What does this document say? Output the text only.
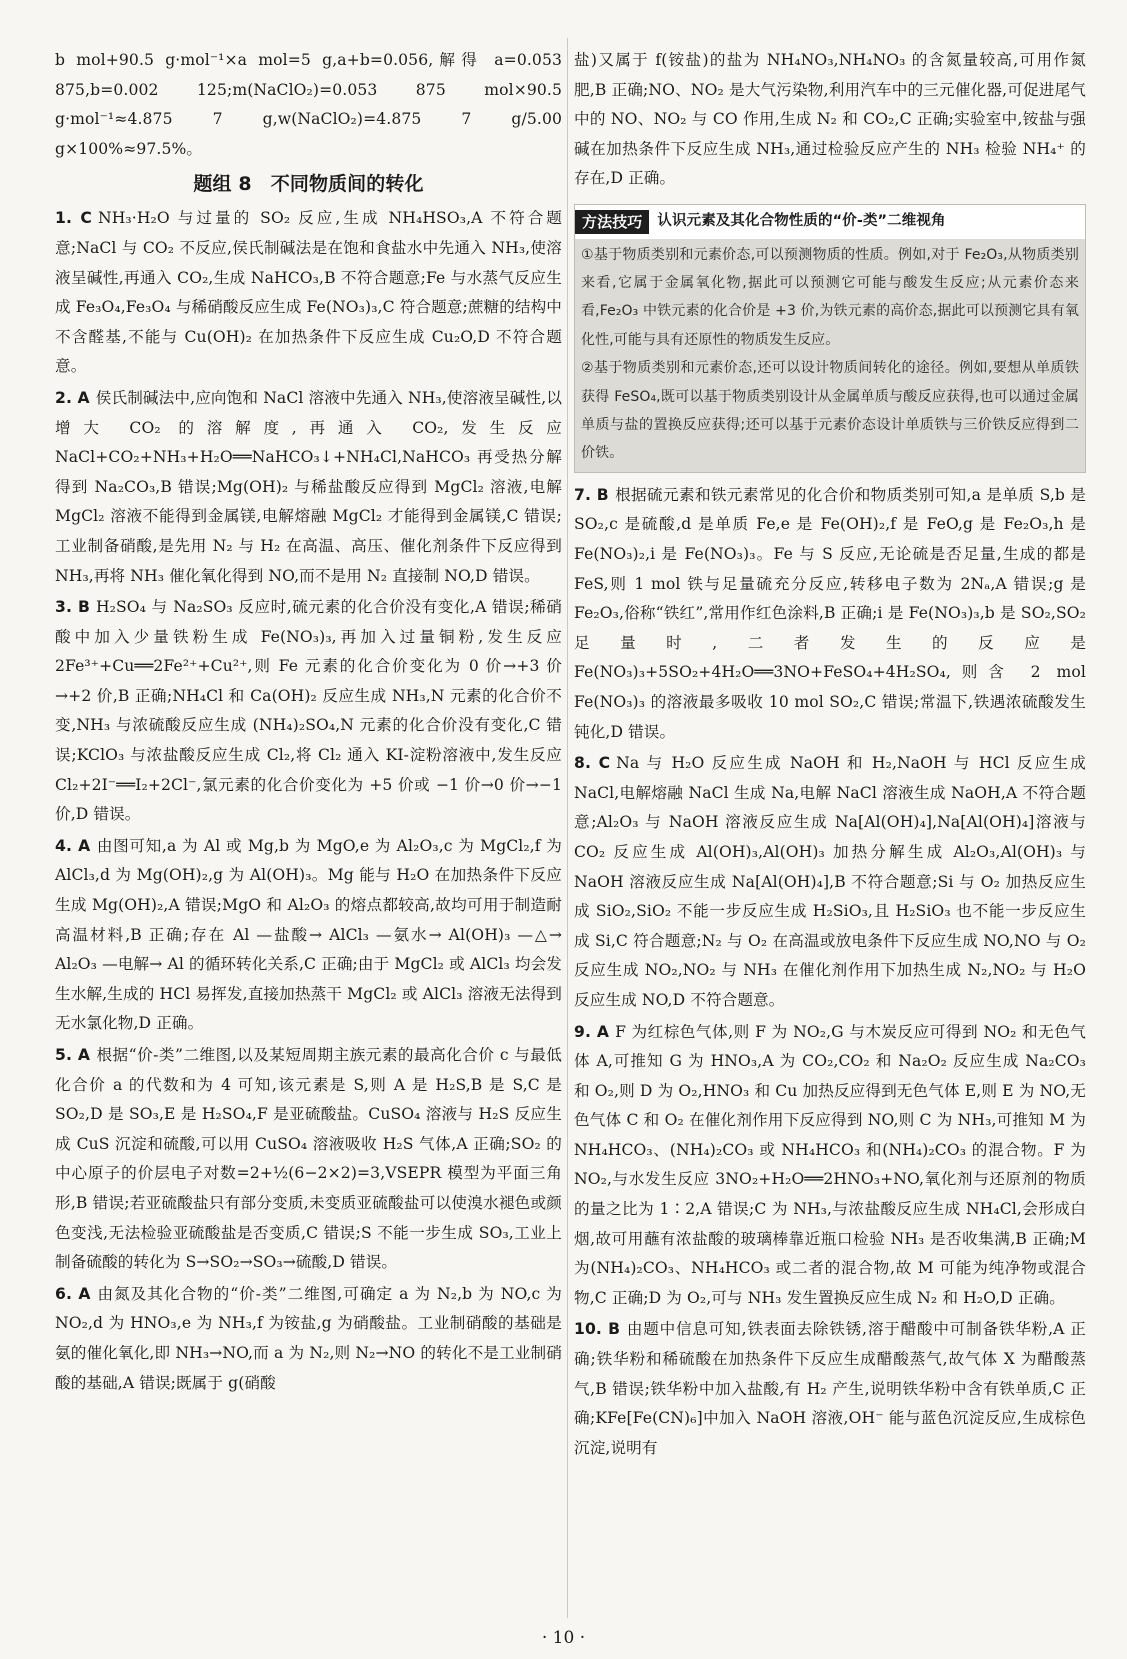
b mol+90.5 g·mol⁻¹×a mol=5 g,a+b=0.056,解得 a=0.053 875,b=0.002 125;m(NaClO₂)=0.053 875 mol×90.5 g·mol⁻¹≈4.875 7 g,w(NaClO₂)=4.875 7 g/5.00 g×100%≈97.5%。

题组 8　不同物质间的转化

1. C NH₃·H₂O 与过量的 SO₂ 反应,生成 NH₄HSO₃,A 不符合题意;NaCl 与 CO₂ 不反应,侯氏制碱法是在饱和食盐水中先通入 NH₃,使溶液呈碱性,再通入 CO₂,生成 NaHCO₃,B 不符合题意;Fe 与水蒸气反应生成 Fe₃O₄,Fe₃O₄ 与稀硝酸反应生成 Fe(NO₃)₃,C 符合题意;蔗糖的结构中不含醛基,不能与 Cu(OH)₂ 在加热条件下反应生成 Cu₂O,D 不符合题意。

2. A 侯氏制碱法中,应向饱和 NaCl 溶液中先通入 NH₃,使溶液呈碱性,以增大 CO₂ 的溶解度,再通入 CO₂,发生反应 NaCl+CO₂+NH₃+H₂O══NaHCO₃↓+NH₄Cl,NaHCO₃ 再受热分解得到 Na₂CO₃,B 错误;Mg(OH)₂ 与稀盐酸反应得到 MgCl₂ 溶液,电解 MgCl₂ 溶液不能得到金属镁,电解熔融 MgCl₂ 才能得到金属镁,C 错误;工业制备硝酸,是先用 N₂ 与 H₂ 在高温、高压、催化剂条件下反应得到 NH₃,再将 NH₃ 催化氧化得到 NO,而不是用 N₂ 直接制 NO,D 错误。

3. B H₂SO₄ 与 Na₂SO₃ 反应时,硫元素的化合价没有变化,A 错误;稀硝酸中加入少量铁粉生成 Fe(NO₃)₃,再加入过量铜粉,发生反应 2Fe³⁺+Cu══2Fe²⁺+Cu²⁺,则 Fe 元素的化合价变化为 0 价→+3 价→+2 价,B 正确;NH₄Cl 和 Ca(OH)₂ 反应生成 NH₃,N 元素的化合价不变,NH₃ 与浓硫酸反应生成 (NH₄)₂SO₄,N 元素的化合价没有变化,C 错误;KClO₃ 与浓盐酸反应生成 Cl₂,将 Cl₂ 通入 KI-淀粉溶液中,发生反应 Cl₂+2I⁻══I₂+2Cl⁻,氯元素的化合价变化为 +5 价或 −1 价→0 价→−1 价,D 错误。

4. A 由图可知,a 为 Al 或 Mg,b 为 MgO,e 为 Al₂O₃,c 为 MgCl₂,f 为 AlCl₃,d 为 Mg(OH)₂,g 为 Al(OH)₃。Mg 能与 H₂O 在加热条件下反应生成 Mg(OH)₂,A 错误;MgO 和 Al₂O₃ 的熔点都较高,故均可用于制造耐高温材料,B 正确;存在 Al —盐酸→ AlCl₃ —氨水→ Al(OH)₃ —△→ Al₂O₃ —电解→ Al 的循环转化关系,C 正确;由于 MgCl₂ 或 AlCl₃ 均会发生水解,生成的 HCl 易挥发,直接加热蒸干 MgCl₂ 或 AlCl₃ 溶液无法得到无水氯化物,D 正确。

5. A 根据“价-类”二维图,以及某短周期主族元素的最高化合价 c 与最低化合价 a 的代数和为 4 可知,该元素是 S,则 A 是 H₂S,B 是 S,C 是 SO₂,D 是 SO₃,E 是 H₂SO₄,F 是亚硫酸盐。CuSO₄ 溶液与 H₂S 反应生成 CuS 沉淀和硫酸,可以用 CuSO₄ 溶液吸收 H₂S 气体,A 正确;SO₂ 的中心原子的价层电子对数=2+½(6−2×2)=3,VSEPR 模型为平面三角形,B 错误;若亚硫酸盐只有部分变质,未变质亚硫酸盐可以使溴水褪色或颜色变浅,无法检验亚硫酸盐是否变质,C 错误;S 不能一步生成 SO₃,工业上制备硫酸的转化为 S→SO₂→SO₃→硫酸,D 错误。

6. A 由氮及其化合物的“价-类”二维图,可确定 a 为 N₂,b 为 NO,c 为 NO₂,d 为 HNO₃,e 为 NH₃,f 为铵盐,g 为硝酸盐。工业制硝酸的基础是氨的催化氧化,即 NH₃→NO,而 a 为 N₂,则 N₂→NO 的转化不是工业制硝酸的基础,A 错误;既属于 g(硝酸

盐)又属于 f(铵盐)的盐为 NH₄NO₃,NH₄NO₃ 的含氮量较高,可用作氮肥,B 正确;NO、NO₂ 是大气污染物,利用汽车中的三元催化器,可促进尾气中的 NO、NO₂ 与 CO 作用,生成 N₂ 和 CO₂,C 正确;实验室中,铵盐与强碱在加热条件下反应生成 NH₃,通过检验反应产生的 NH₃ 检验 NH₄⁺ 的存在,D 正确。

方法技巧	认识元素及其化合物性质的“价-类”二维视角

①基于物质类别和元素价态,可以预测物质的性质。例如,对于 Fe₂O₃,从物质类别来看,它属于金属氧化物,据此可以预测它可能与酸发生反应;从元素价态来看,Fe₂O₃ 中铁元素的化合价是 +3 价,为铁元素的高价态,据此可以预测它具有氧化性,可能与具有还原性的物质发生反应。

②基于物质类别和元素价态,还可以设计物质间转化的途径。例如,要想从单质铁获得 FeSO₄,既可以基于物质类别设计从金属单质与酸反应获得,也可以通过金属单质与盐的置换反应获得;还可以基于元素价态设计单质铁与三价铁反应得到二价铁。

7. B 根据硫元素和铁元素常见的化合价和物质类别可知,a 是单质 S,b 是 SO₂,c 是硫酸,d 是单质 Fe,e 是 Fe(OH)₂,f 是 FeO,g 是 Fe₂O₃,h 是 Fe(NO₃)₂,i 是 Fe(NO₃)₃。Fe 与 S 反应,无论硫是否足量,生成的都是 FeS,则 1 mol 铁与足量硫充分反应,转移电子数为 2Nₐ,A 错误;g 是 Fe₂O₃,俗称“铁红”,常用作红色涂料,B 正确;i 是 Fe(NO₃)₃,b 是 SO₂,SO₂ 足量时,二者发生的反应是 Fe(NO₃)₃+5SO₂+4H₂O══3NO+FeSO₄+4H₂SO₄,则含 2 mol Fe(NO₃)₃ 的溶液最多吸收 10 mol SO₂,C 错误;常温下,铁遇浓硫酸发生钝化,D 错误。

8. C Na 与 H₂O 反应生成 NaOH 和 H₂,NaOH 与 HCl 反应生成 NaCl,电解熔融 NaCl 生成 Na,电解 NaCl 溶液生成 NaOH,A 不符合题意;Al₂O₃ 与 NaOH 溶液反应生成 Na[Al(OH)₄],Na[Al(OH)₄]溶液与 CO₂ 反应生成 Al(OH)₃,Al(OH)₃ 加热分解生成 Al₂O₃,Al(OH)₃ 与 NaOH 溶液反应生成 Na[Al(OH)₄],B 不符合题意;Si 与 O₂ 加热反应生成 SiO₂,SiO₂ 不能一步反应生成 H₂SiO₃,且 H₂SiO₃ 也不能一步反应生成 Si,C 符合题意;N₂ 与 O₂ 在高温或放电条件下反应生成 NO,NO 与 O₂ 反应生成 NO₂,NO₂ 与 NH₃ 在催化剂作用下加热生成 N₂,NO₂ 与 H₂O 反应生成 NO,D 不符合题意。

9. A F 为红棕色气体,则 F 为 NO₂,G 与木炭反应可得到 NO₂ 和无色气体 A,可推知 G 为 HNO₃,A 为 CO₂,CO₂ 和 Na₂O₂ 反应生成 Na₂CO₃ 和 O₂,则 D 为 O₂,HNO₃ 和 Cu 加热反应得到无色气体 E,则 E 为 NO,无色气体 C 和 O₂ 在催化剂作用下反应得到 NO,则 C 为 NH₃,可推知 M 为 NH₄HCO₃、(NH₄)₂CO₃ 或 NH₄HCO₃ 和(NH₄)₂CO₃ 的混合物。F 为 NO₂,与水发生反应 3NO₂+H₂O══2HNO₃+NO,氧化剂与还原剂的物质的量之比为 1∶2,A 错误;C 为 NH₃,与浓盐酸反应生成 NH₄Cl,会形成白烟,故可用蘸有浓盐酸的玻璃棒靠近瓶口检验 NH₃ 是否收集满,B 正确;M 为(NH₄)₂CO₃、NH₄HCO₃ 或二者的混合物,故 M 可能为纯净物或混合物,C 正确;D 为 O₂,可与 NH₃ 发生置换反应生成 N₂ 和 H₂O,D 正确。

10. B 由题中信息可知,铁表面去除铁锈,溶于醋酸中可制备铁华粉,A 正确;铁华粉和稀硫酸在加热条件下反应生成醋酸蒸气,故气体 X 为醋酸蒸气,B 错误;铁华粉中加入盐酸,有 H₂ 产生,说明铁华粉中含有铁单质,C 正确;KFe[Fe(CN)₆]中加入 NaOH 溶液,OH⁻ 能与蓝色沉淀反应,生成棕色沉淀,说明有

· 10 ·
